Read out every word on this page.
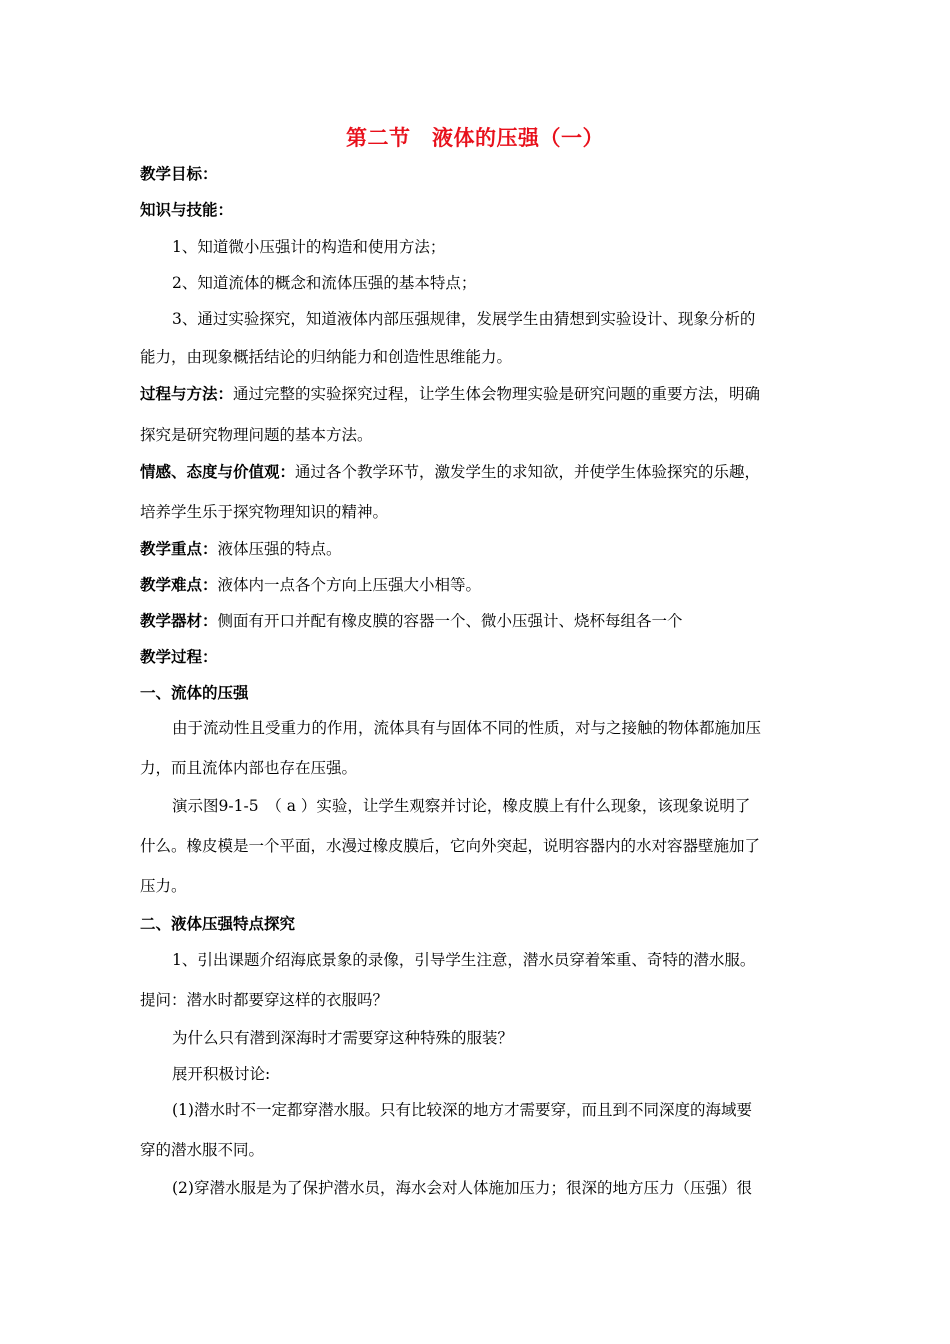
第二节　液体的压强（一）
教学目标：
知识与技能：
1、知道微小压强计的构造和使用方法；
2、知道流体的概念和流体压强的基本特点；
3、通过实验探究，知道液体内部压强规律，发展学生由猜想到实验设计、现象分析的
能力，由现象概括结论的归纳能力和创造性思维能力。
过程与方法：通过完整的实验探究过程，让学生体会物理实验是研究问题的重要方法，明确
探究是研究物理问题的基本方法。
情感、态度与价值观：通过各个教学环节，激发学生的求知欲，并使学生体验探究的乐趣，
培养学生乐于探究物理知识的精神。
教学重点：液体压强的特点。
教学难点：液体内一点各个方向上压强大小相等。
教学器材：侧面有开口并配有橡皮膜的容器一个、微小压强计、烧杯每组各一个
教学过程：
一、流体的压强
由于流动性且受重力的作用，流体具有与固体不同的性质，对与之接触的物体都施加压
力，而且流体内部也存在压强。
演示图9-1-5　（ a ）实验，让学生观察并讨论，橡皮膜上有什么现象，该现象说明了
什么。橡皮模是一个平面，水漫过橡皮膜后，它向外突起，说明容器内的水对容器壁施加了
压力。
二、液体压强特点探究
1、引出课题介绍海底景象的录像，引导学生注意，潜水员穿着笨重、奇特的潜水服。
提问：潜水时都要穿这样的衣服吗？
为什么只有潜到深海时才需要穿这种特殊的服装？
展开积极讨论:
(1)潜水时不一定都穿潜水服。只有比较深的地方才需要穿，而且到不同深度的海域要
穿的潜水服不同。
(2)穿潜水服是为了保护潜水员，海水会对人体施加压力；很深的地方压力（压强）很
